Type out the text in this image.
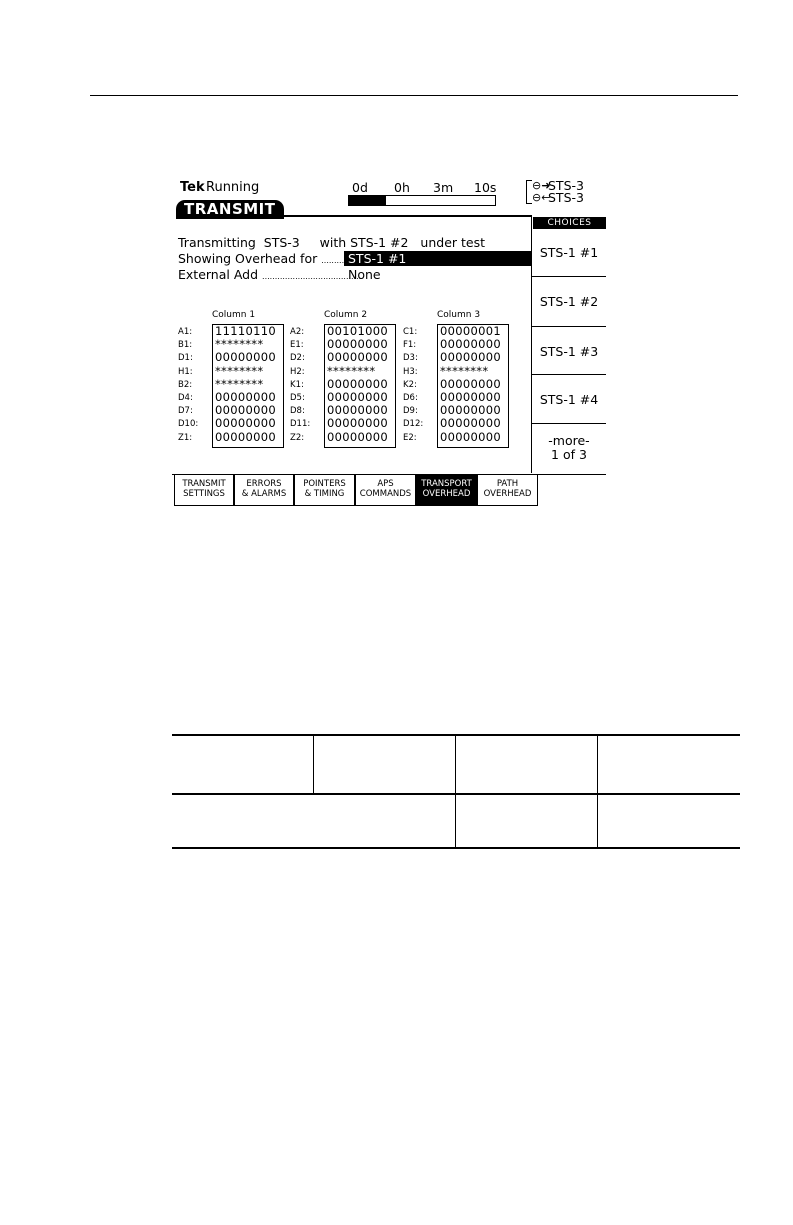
Tek Running	0d 0h 3m 10s	⊖➜
STS-3
⊖←
STS-3
TRANSMIT
CHOICES
STS-1 #1
STS-1 #2
STS-1 #3
STS-1 #4
-more-
1 of 3
Transmitting STS-3 with STS-1 #2 under test
Showing Overhead for ......... STS-1 #1
External Add .......................................
None
Column 1
A1: 11110110
B1: ********
D1: 00000000
H1: ********
B2: ********
D4: 00000000
D7: 00000000
D10: 00000000
Z1: 00000000
Column 2
A2: 00101000
E1: 00000000
D2: 00000000
H2: ********
K1: 00000000
D5: 00000000
D8: 00000000
D11: 00000000
Z2: 00000000
Column 3
C1: 00000001
F1: 00000000
D3: 00000000
H3: ********
K2: 00000000
D6: 00000000
D9: 00000000
D12: 00000000
E2: 00000000
TRANSMIT
SETTINGS
ERRORS
& ALARMS
POINTERS
& TIMING
APS
COMMANDS
TRANSPORT
OVERHEAD
PATH
OVERHEAD
